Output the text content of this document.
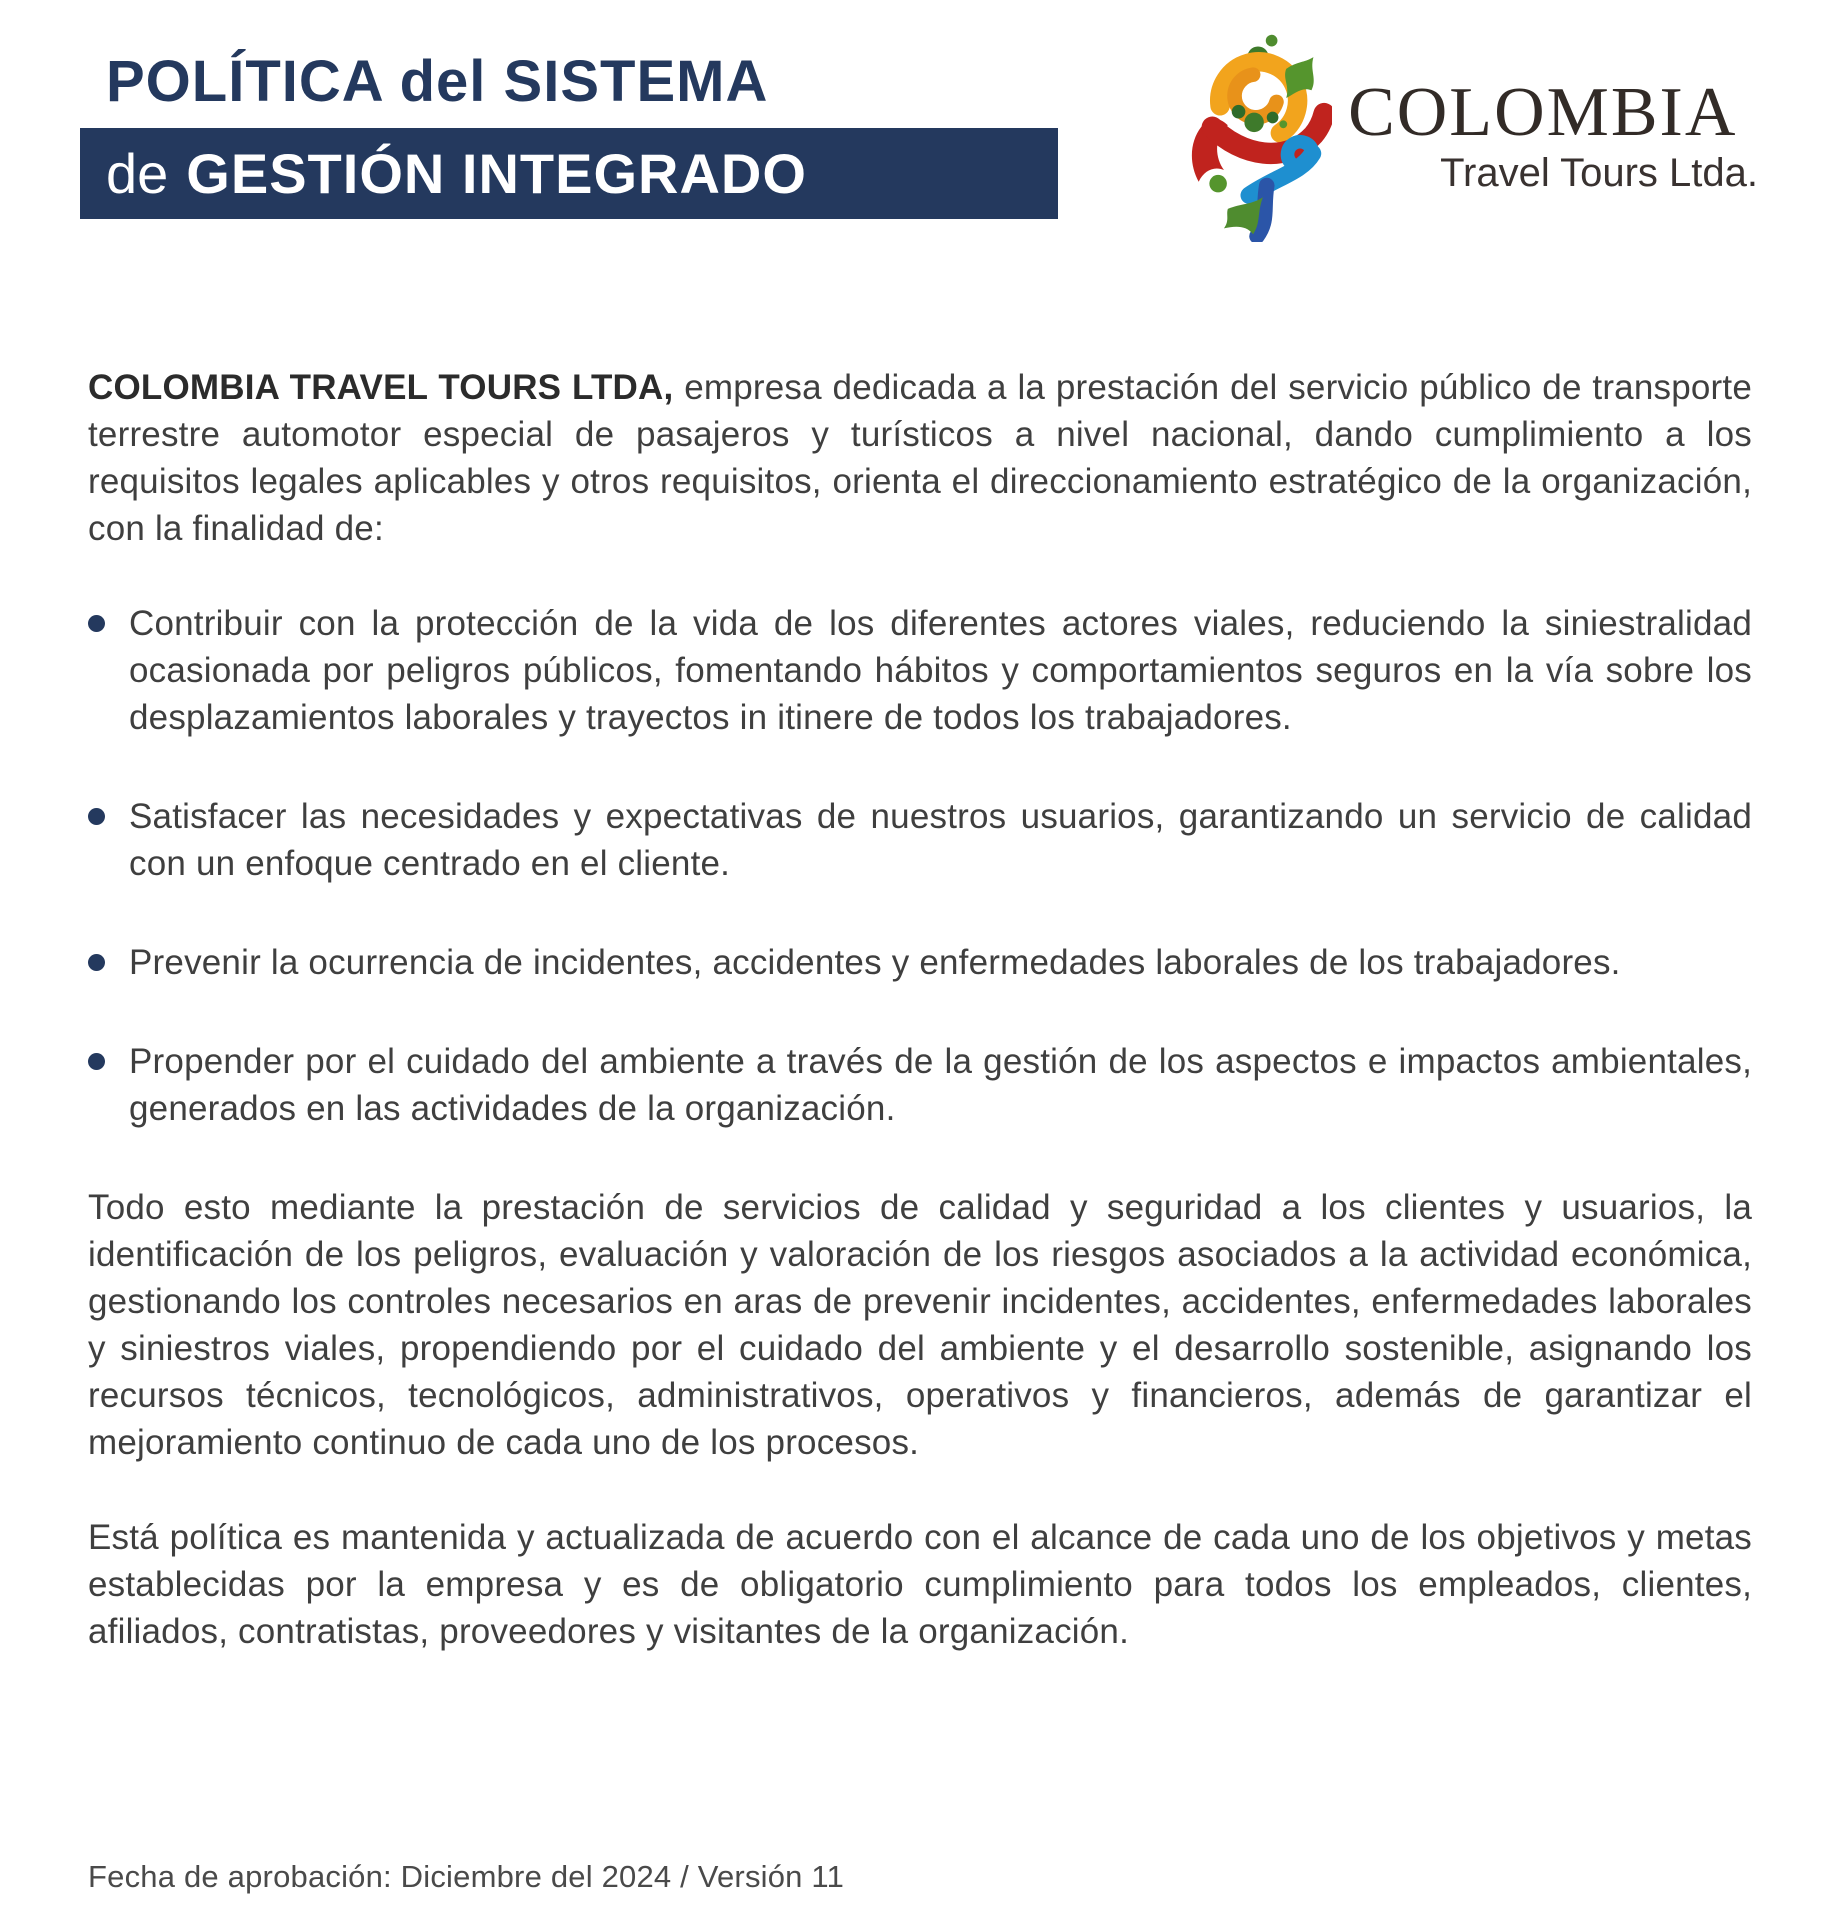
POLÍTICA del SISTEMA
de GESTIÓN INTEGRADO
COLOMBIA
Travel Tours Ltda.

COLOMBIA TRAVEL TOURS LTDA, empresa dedicada a la prestación del servicio público de transporte terrestre automotor especial de pasajeros y turísticos a nivel nacional, dando cumplimiento a los requisitos legales aplicables y otros requisitos, orienta el direccionamiento estratégico de la organización, con la finalidad de:

Contribuir con la protección de la vida de los diferentes actores viales, reduciendo la siniestralidad ocasionada por peligros públicos, fomentando hábitos y comportamientos seguros en la vía sobre los desplazamientos laborales y trayectos in itinere de todos los trabajadores.
Satisfacer las necesidades y expectativas de nuestros usuarios, garantizando un servicio de calidad con un enfoque centrado en el cliente.
Prevenir la ocurrencia de incidentes, accidentes y enfermedades laborales de los trabajadores.
Propender por el cuidado del ambiente a través de la gestión de los aspectos e impactos ambientales, generados en las actividades de la organización.

Todo esto mediante la prestación de servicios de calidad y seguridad a los clientes y usuarios, la identificación de los peligros, evaluación y valoración de los riesgos asociados a la actividad económica, gestionando los controles necesarios en aras de prevenir incidentes, accidentes, enfermedades laborales y siniestros viales, propendiendo por el cuidado del ambiente y el desarrollo sostenible, asignando los recursos técnicos, tecnológicos, administrativos, operativos y financieros, además de garantizar el mejoramiento continuo de cada uno de los procesos.

Está política es mantenida y actualizada de acuerdo con el alcance de cada uno de los objetivos y metas establecidas por la empresa y es de obligatorio cumplimiento para todos los empleados, clientes, afiliados, contratistas, proveedores y visitantes de la organización.

Fecha de aprobación: Diciembre del 2024 / Versión 11
